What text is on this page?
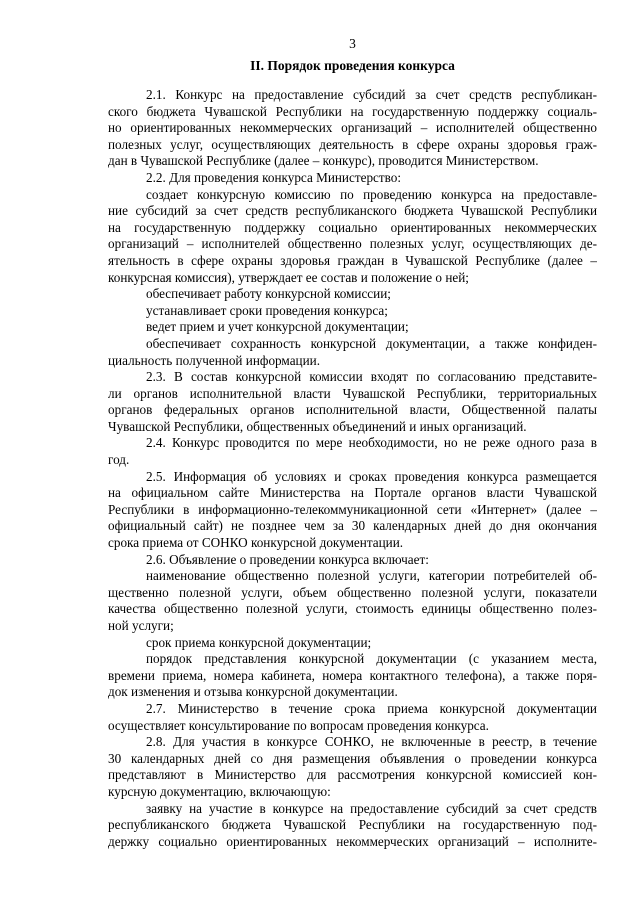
3
II. Порядок проведения конкурса
2.1. Конкурс на предоставление субсидий за счет средств республикан-
ского бюджета Чувашской Республики на государственную поддержку социаль-
но ориентированных некоммерческих организаций – исполнителей общественно
полезных услуг, осуществляющих деятельность в сфере охраны здоровья граж-
дан в Чувашской Республике (далее – конкурс), проводится Министерством.
2.2. Для проведения конкурса Министерство:
создает конкурсную комиссию по проведению конкурса на предоставле-
ние субсидий за счет средств республиканского бюджета Чувашской Республики
на государственную поддержку социально ориентированных некоммерческих
организаций – исполнителей общественно полезных услуг, осуществляющих де-
ятельность в сфере охраны здоровья граждан в Чувашской Республике (далее –
конкурсная комиссия), утверждает ее состав и положение о ней;
обеспечивает работу конкурсной комиссии;
устанавливает сроки проведения конкурса;
ведет прием и учет конкурсной документации;
обеспечивает сохранность конкурсной документации, а также конфиден-
циальность полученной информации.
2.3. В состав конкурсной комиссии входят по согласованию представите-
ли органов исполнительной власти Чувашской Республики, территориальных
органов федеральных органов исполнительной власти, Общественной палаты
Чувашской Республики, общественных объединений и иных организаций.
2.4. Конкурс проводится по мере необходимости, но не реже одного раза в
год.
2.5. Информация об условиях и сроках проведения конкурса размещается
на официальном сайте Министерства на Портале органов власти Чувашской
Республики в информационно-телекоммуникационной сети «Интернет» (далее –
официальный сайт) не позднее чем за 30 календарных дней до дня окончания
срока приема от СОНКО конкурсной документации.
2.6. Объявление о проведении конкурса включает:
наименование общественно полезной услуги, категории потребителей об-
щественно полезной услуги, объем общественно полезной услуги, показатели
качества общественно полезной услуги, стоимость единицы общественно полез-
ной услуги;
срок приема конкурсной документации;
порядок представления конкурсной документации (с указанием места,
времени приема, номера кабинета, номера контактного телефона), а также поря-
док изменения и отзыва конкурсной документации.
2.7. Министерство в течение срока приема конкурсной документации
осуществляет консультирование по вопросам проведения конкурса.
2.8. Для участия в конкурсе СОНКО, не включенные в реестр, в течение
30 календарных дней со дня размещения объявления о проведении конкурса
представляют в Министерство для рассмотрения конкурсной комиссией кон-
курсную документацию, включающую:
заявку на участие в конкурсе на предоставление субсидий за счет средств
республиканского бюджета Чувашской Республики на государственную под-
держку социально ориентированных некоммерческих организаций – исполните-
